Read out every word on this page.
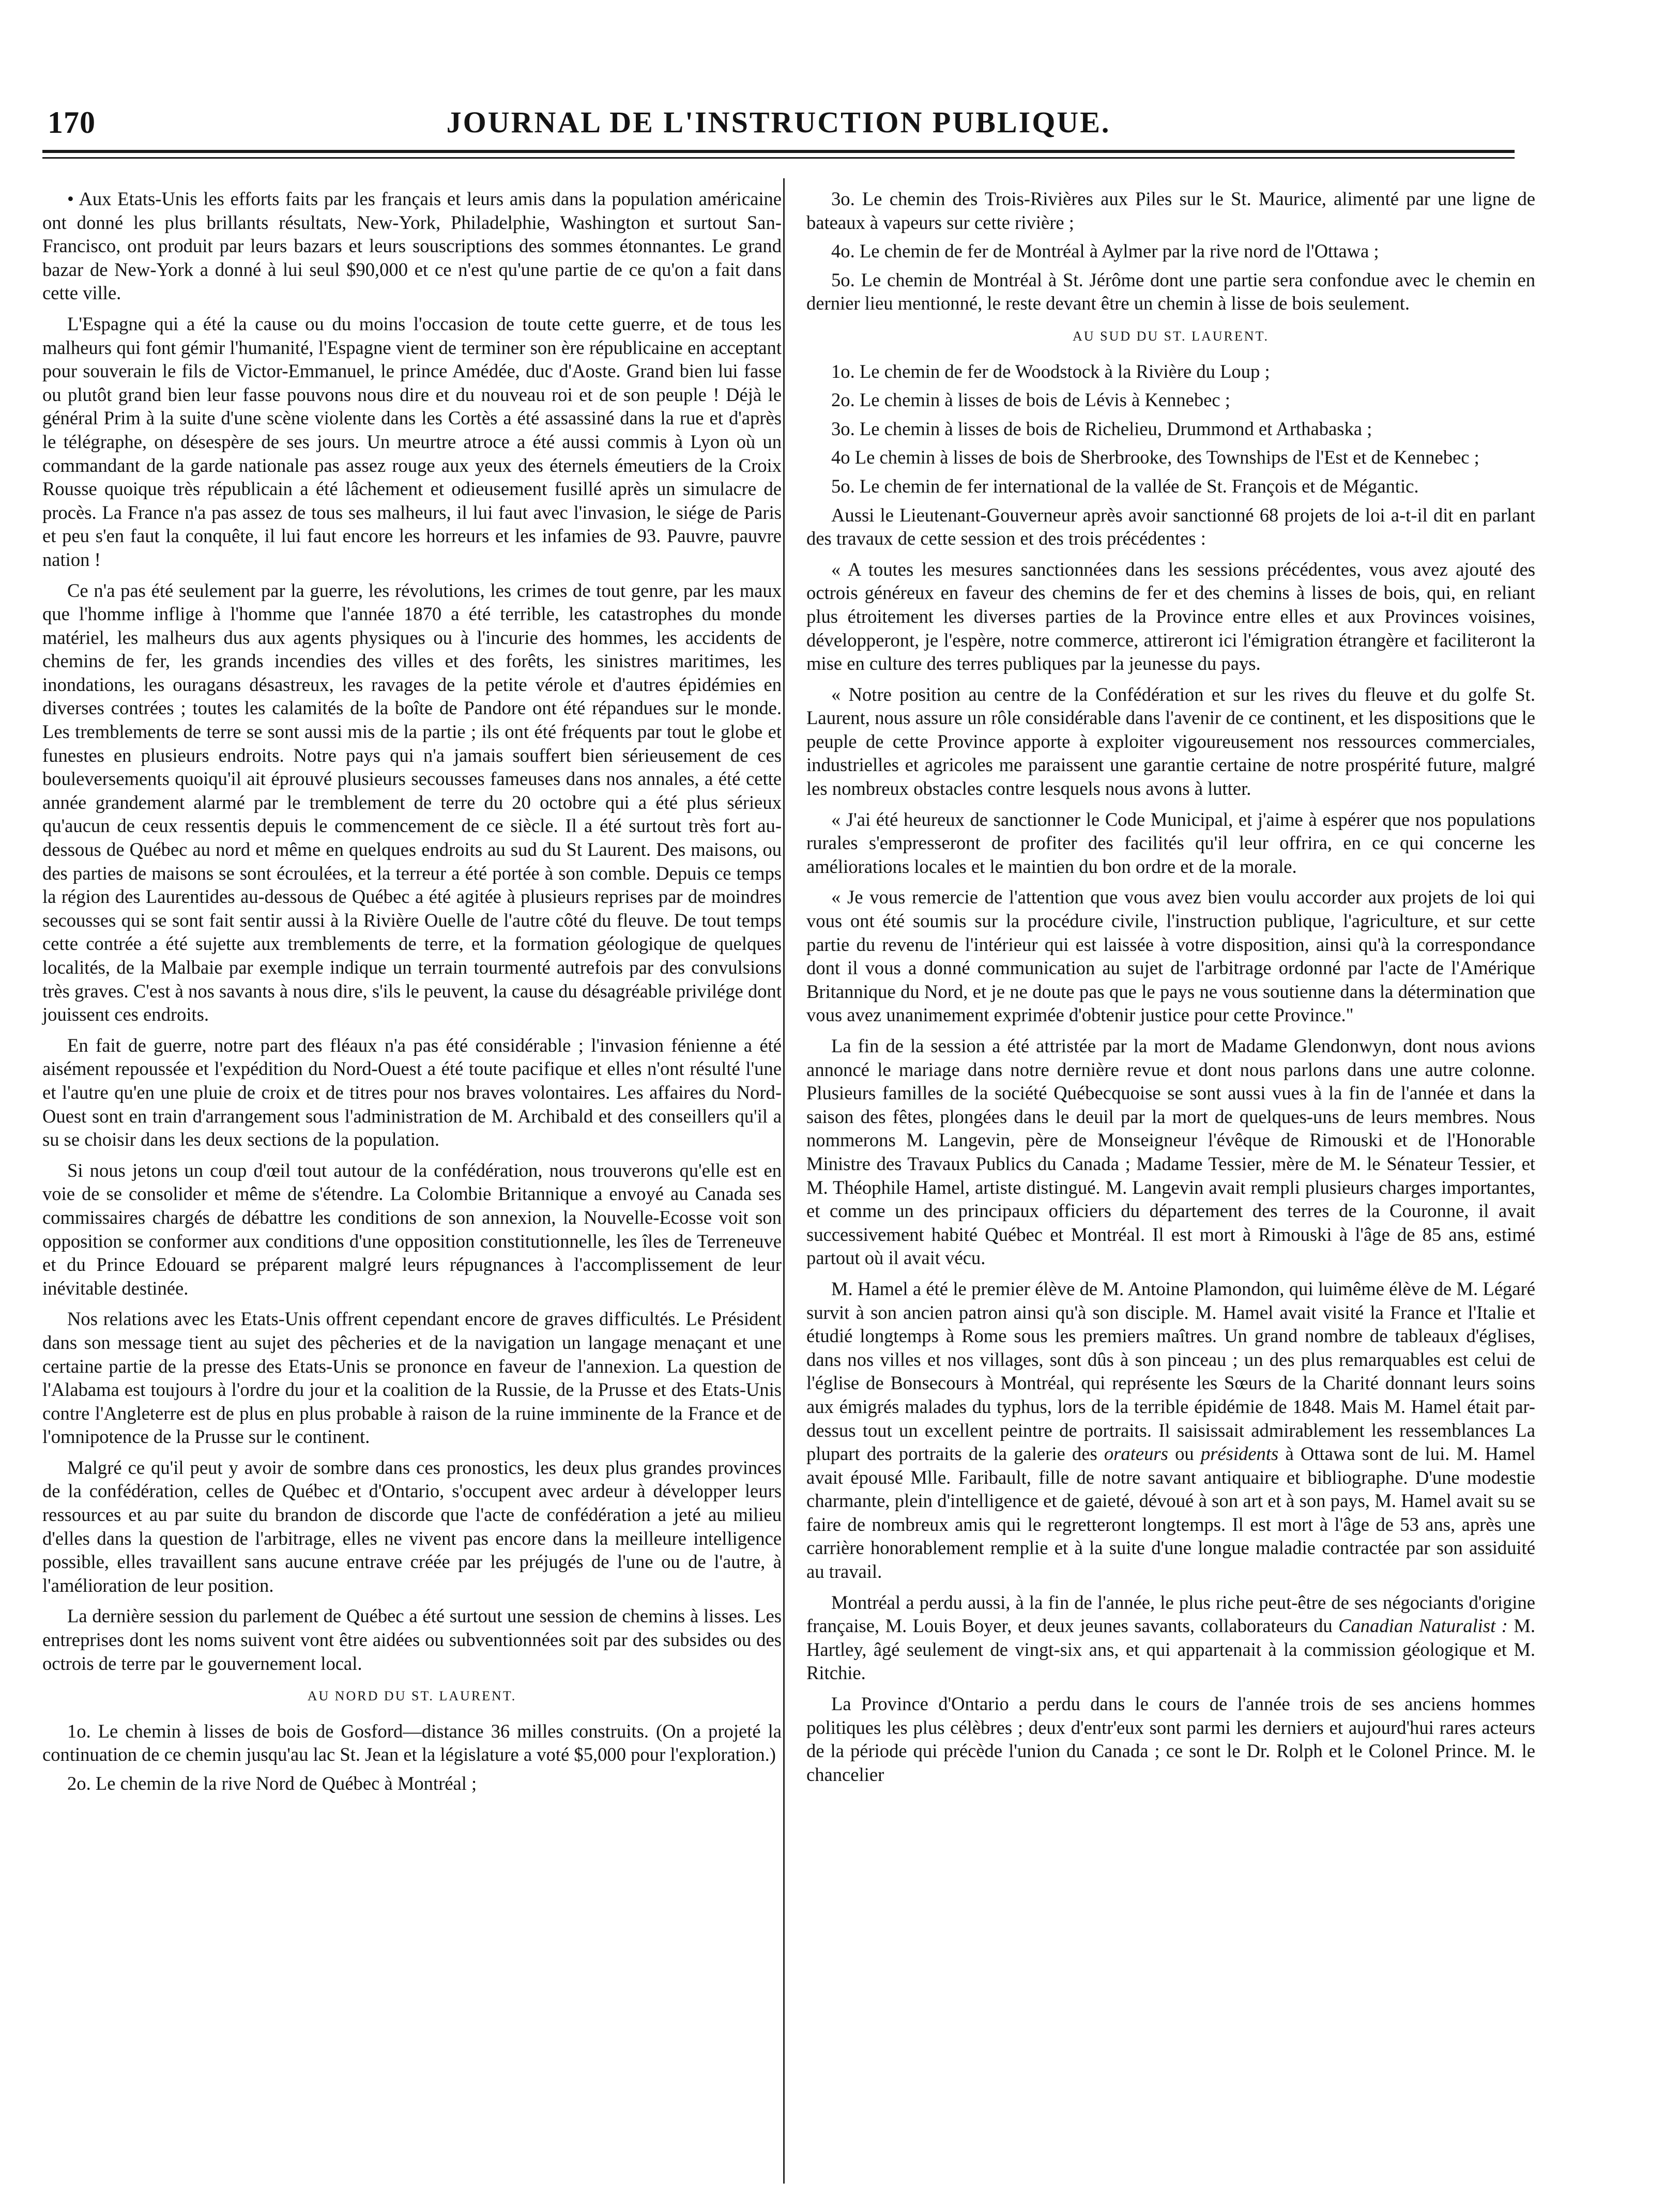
170	JOURNAL DE L'INSTRUCTION PUBLIQUE.

• Aux Etats-Unis les efforts faits par les français et leurs amis dans la population américaine ont donné les plus brillants résultats, New-York, Philadelphie, Washington et surtout San-Francisco, ont produit par leurs bazars et leurs souscriptions des sommes étonnantes. Le grand bazar de New-York a donné à lui seul $90,000 et ce n'est qu'une partie de ce qu'on a fait dans cette ville.

L'Espagne qui a été la cause ou du moins l'occasion de toute cette guerre, et de tous les malheurs qui font gémir l'humanité, l'Espagne vient de terminer son ère républicaine en acceptant pour souverain le fils de Victor-Emmanuel, le prince Amédée, duc d'Aoste. Grand bien lui fasse ou plutôt grand bien leur fasse pouvons nous dire et du nouveau roi et de son peuple ! Déjà le général Prim à la suite d'une scène violente dans les Cortès a été assassiné dans la rue et d'après le télégraphe, on désespère de ses jours. Un meurtre atroce a été aussi commis à Lyon où un commandant de la garde nationale pas assez rouge aux yeux des éternels émeutiers de la Croix Rousse quoique très républicain a été lâchement et odieusement fusillé après un simulacre de procès. La France n'a pas assez de tous ses malheurs, il lui faut avec l'invasion, le siége de Paris et peu s'en faut la conquête, il lui faut encore les horreurs et les infamies de 93. Pauvre, pauvre nation !

Ce n'a pas été seulement par la guerre, les révolutions, les crimes de tout genre, par les maux que l'homme inflige à l'homme que l'année 1870 a été terrible, les catastrophes du monde matériel, les malheurs dus aux agents physiques ou à l'incurie des hommes, les accidents de chemins de fer, les grands incendies des villes et des forêts, les sinistres maritimes, les inondations, les ouragans désastreux, les ravages de la petite vérole et d'autres épidémies en diverses contrées ; toutes les calamités de la boîte de Pandore ont été répandues sur le monde. Les tremblements de terre se sont aussi mis de la partie ; ils ont été fréquents par tout le globe et funestes en plusieurs endroits. Notre pays qui n'a jamais souffert bien sérieusement de ces bouleversements quoiqu'il ait éprouvé plusieurs secousses fameuses dans nos annales, a été cette année grandement alarmé par le tremblement de terre du 20 octobre qui a été plus sérieux qu'aucun de ceux ressentis depuis le commencement de ce siècle. Il a été surtout très fort au-dessous de Québec au nord et même en quelques endroits au sud du St Laurent. Des maisons, ou des parties de maisons se sont écroulées, et la terreur a été portée à son comble. Depuis ce temps la région des Laurentides au-dessous de Québec a été agitée à plusieurs reprises par de moindres secousses qui se sont fait sentir aussi à la Rivière Ouelle de l'autre côté du fleuve. De tout temps cette contrée a été sujette aux tremblements de terre, et la formation géologique de quelques localités, de la Malbaie par exemple indique un terrain tourmenté autrefois par des convulsions très graves. C'est à nos savants à nous dire, s'ils le peuvent, la cause du désagréable privilége dont jouissent ces endroits.

En fait de guerre, notre part des fléaux n'a pas été considérable ; l'invasion fénienne a été aisément repoussée et l'expédition du Nord-Ouest a été toute pacifique et elles n'ont résulté l'une et l'autre qu'en une pluie de croix et de titres pour nos braves volontaires. Les affaires du Nord-Ouest sont en train d'arrangement sous l'administration de M. Archibald et des conseillers qu'il a su se choisir dans les deux sections de la population.

Si nous jetons un coup d'œil tout autour de la confédération, nous trouverons qu'elle est en voie de se consolider et même de s'étendre. La Colombie Britannique a envoyé au Canada ses commissaires chargés de débattre les conditions de son annexion, la Nouvelle-Ecosse voit son opposition se conformer aux conditions d'une opposition constitutionnelle, les îles de Terreneuve et du Prince Edouard se préparent malgré leurs répugnances à l'accomplissement de leur inévitable destinée.

Nos relations avec les Etats-Unis offrent cependant encore de graves difficultés. Le Président dans son message tient au sujet des pêcheries et de la navigation un langage menaçant et une certaine partie de la presse des Etats-Unis se prononce en faveur de l'annexion. La question de l'Alabama est toujours à l'ordre du jour et la coalition de la Russie, de la Prusse et des Etats-Unis contre l'Angleterre est de plus en plus probable à raison de la ruine imminente de la France et de l'omnipotence de la Prusse sur le continent.

Malgré ce qu'il peut y avoir de sombre dans ces pronostics, les deux plus grandes provinces de la confédération, celles de Québec et d'Ontario, s'occupent avec ardeur à développer leurs ressources et au par suite du brandon de discorde que l'acte de confédération a jeté au milieu d'elles dans la question de l'arbitrage, elles ne vivent pas encore dans la meilleure intelligence possible, elles travaillent sans aucune entrave créée par les préjugés de l'une ou de l'autre, à l'amélioration de leur position.

La dernière session du parlement de Québec a été surtout une session de chemins à lisses. Les entreprises dont les noms suivent vont être aidées ou subventionnées soit par des subsides ou des octrois de terre par le gouvernement local.

AU NORD DU ST. LAURENT.

1o. Le chemin à lisses de bois de Gosford—distance 36 milles construits. (On a projeté la continuation de ce chemin jusqu'au lac St. Jean et la législature a voté $5,000 pour l'exploration.)

2o. Le chemin de la rive Nord de Québec à Montréal ;

3o. Le chemin des Trois-Rivières aux Piles sur le St. Maurice, alimenté par une ligne de bateaux à vapeurs sur cette rivière ;

4o. Le chemin de fer de Montréal à Aylmer par la rive nord de l'Ottawa ;

5o. Le chemin de Montréal à St. Jérôme dont une partie sera confondue avec le chemin en dernier lieu mentionné, le reste devant être un chemin à lisse de bois seulement.

AU SUD DU ST. LAURENT.

1o. Le chemin de fer de Woodstock à la Rivière du Loup ;

2o. Le chemin à lisses de bois de Lévis à Kennebec ;

3o. Le chemin à lisses de bois de Richelieu, Drummond et Arthabaska ;

4o Le chemin à lisses de bois de Sherbrooke, des Townships de l'Est et de Kennebec ;

5o. Le chemin de fer international de la vallée de St. François et de Mégantic.

Aussi le Lieutenant-Gouverneur après avoir sanctionné 68 projets de loi a-t-il dit en parlant des travaux de cette session et des trois précédentes :

« A toutes les mesures sanctionnées dans les sessions précédentes, vous avez ajouté des octrois généreux en faveur des chemins de fer et des chemins à lisses de bois, qui, en reliant plus étroitement les diverses parties de la Province entre elles et aux Provinces voisines, développeront, je l'espère, notre commerce, attireront ici l'émigration étrangère et faciliteront la mise en culture des terres publiques par la jeunesse du pays.

« Notre position au centre de la Confédération et sur les rives du fleuve et du golfe St. Laurent, nous assure un rôle considérable dans l'avenir de ce continent, et les dispositions que le peuple de cette Province apporte à exploiter vigoureusement nos ressources commerciales, industrielles et agricoles me paraissent une garantie certaine de notre prospérité future, malgré les nombreux obstacles contre lesquels nous avons à lutter.

« J'ai été heureux de sanctionner le Code Municipal, et j'aime à espérer que nos populations rurales s'empresseront de profiter des facilités qu'il leur offrira, en ce qui concerne les améliorations locales et le maintien du bon ordre et de la morale.

« Je vous remercie de l'attention que vous avez bien voulu accorder aux projets de loi qui vous ont été soumis sur la procédure civile, l'instruction publique, l'agriculture, et sur cette partie du revenu de l'intérieur qui est laissée à votre disposition, ainsi qu'à la correspondance dont il vous a donné communication au sujet de l'arbitrage ordonné par l'acte de l'Amérique Britannique du Nord, et je ne doute pas que le pays ne vous soutienne dans la détermination que vous avez unanimement exprimée d'obtenir justice pour cette Province."

La fin de la session a été attristée par la mort de Madame Glendonwyn, dont nous avions annoncé le mariage dans notre dernière revue et dont nous parlons dans une autre colonne. Plusieurs familles de la société Québecquoise se sont aussi vues à la fin de l'année et dans la saison des fêtes, plongées dans le deuil par la mort de quelques-uns de leurs membres. Nous nommerons M. Langevin, père de Monseigneur l'évêque de Rimouski et de l'Honorable Ministre des Travaux Publics du Canada ; Madame Tessier, mère de M. le Sénateur Tessier, et M. Théophile Hamel, artiste distingué. M. Langevin avait rempli plusieurs charges importantes, et comme un des principaux officiers du département des terres de la Couronne, il avait successivement habité Québec et Montréal. Il est mort à Rimouski à l'âge de 85 ans, estimé partout où il avait vécu.

M. Hamel a été le premier élève de M. Antoine Plamondon, qui luimême élève de M. Légaré survit à son ancien patron ainsi qu'à son disciple. M. Hamel avait visité la France et l'Italie et étudié longtemps à Rome sous les premiers maîtres. Un grand nombre de tableaux d'églises, dans nos villes et nos villages, sont dûs à son pinceau ; un des plus remarquables est celui de l'église de Bonsecours à Montréal, qui représente les Sœurs de la Charité donnant leurs soins aux émigrés malades du typhus, lors de la terrible épidémie de 1848. Mais M. Hamel était par-dessus tout un excellent peintre de portraits. Il saisissait admirablement les ressemblances La plupart des portraits de la galerie des orateurs ou présidents à Ottawa sont de lui. M. Hamel avait épousé Mlle. Faribault, fille de notre savant antiquaire et bibliographe. D'une modestie charmante, plein d'intelligence et de gaieté, dévoué à son art et à son pays, M. Hamel avait su se faire de nombreux amis qui le regretteront longtemps. Il est mort à l'âge de 53 ans, après une carrière honorablement remplie et à la suite d'une longue maladie contractée par son assiduité au travail.

Montréal a perdu aussi, à la fin de l'année, le plus riche peut-être de ses négociants d'origine française, M. Louis Boyer, et deux jeunes savants, collaborateurs du Canadian Naturalist : M. Hartley, âgé seulement de vingt-six ans, et qui appartenait à la commission géologique et M. Ritchie.

La Province d'Ontario a perdu dans le cours de l'année trois de ses anciens hommes politiques les plus célèbres ; deux d'entr'eux sont parmi les derniers et aujourd'hui rares acteurs de la période qui précède l'union du Canada ; ce sont le Dr. Rolph et le Colonel Prince. M. le chancelier
